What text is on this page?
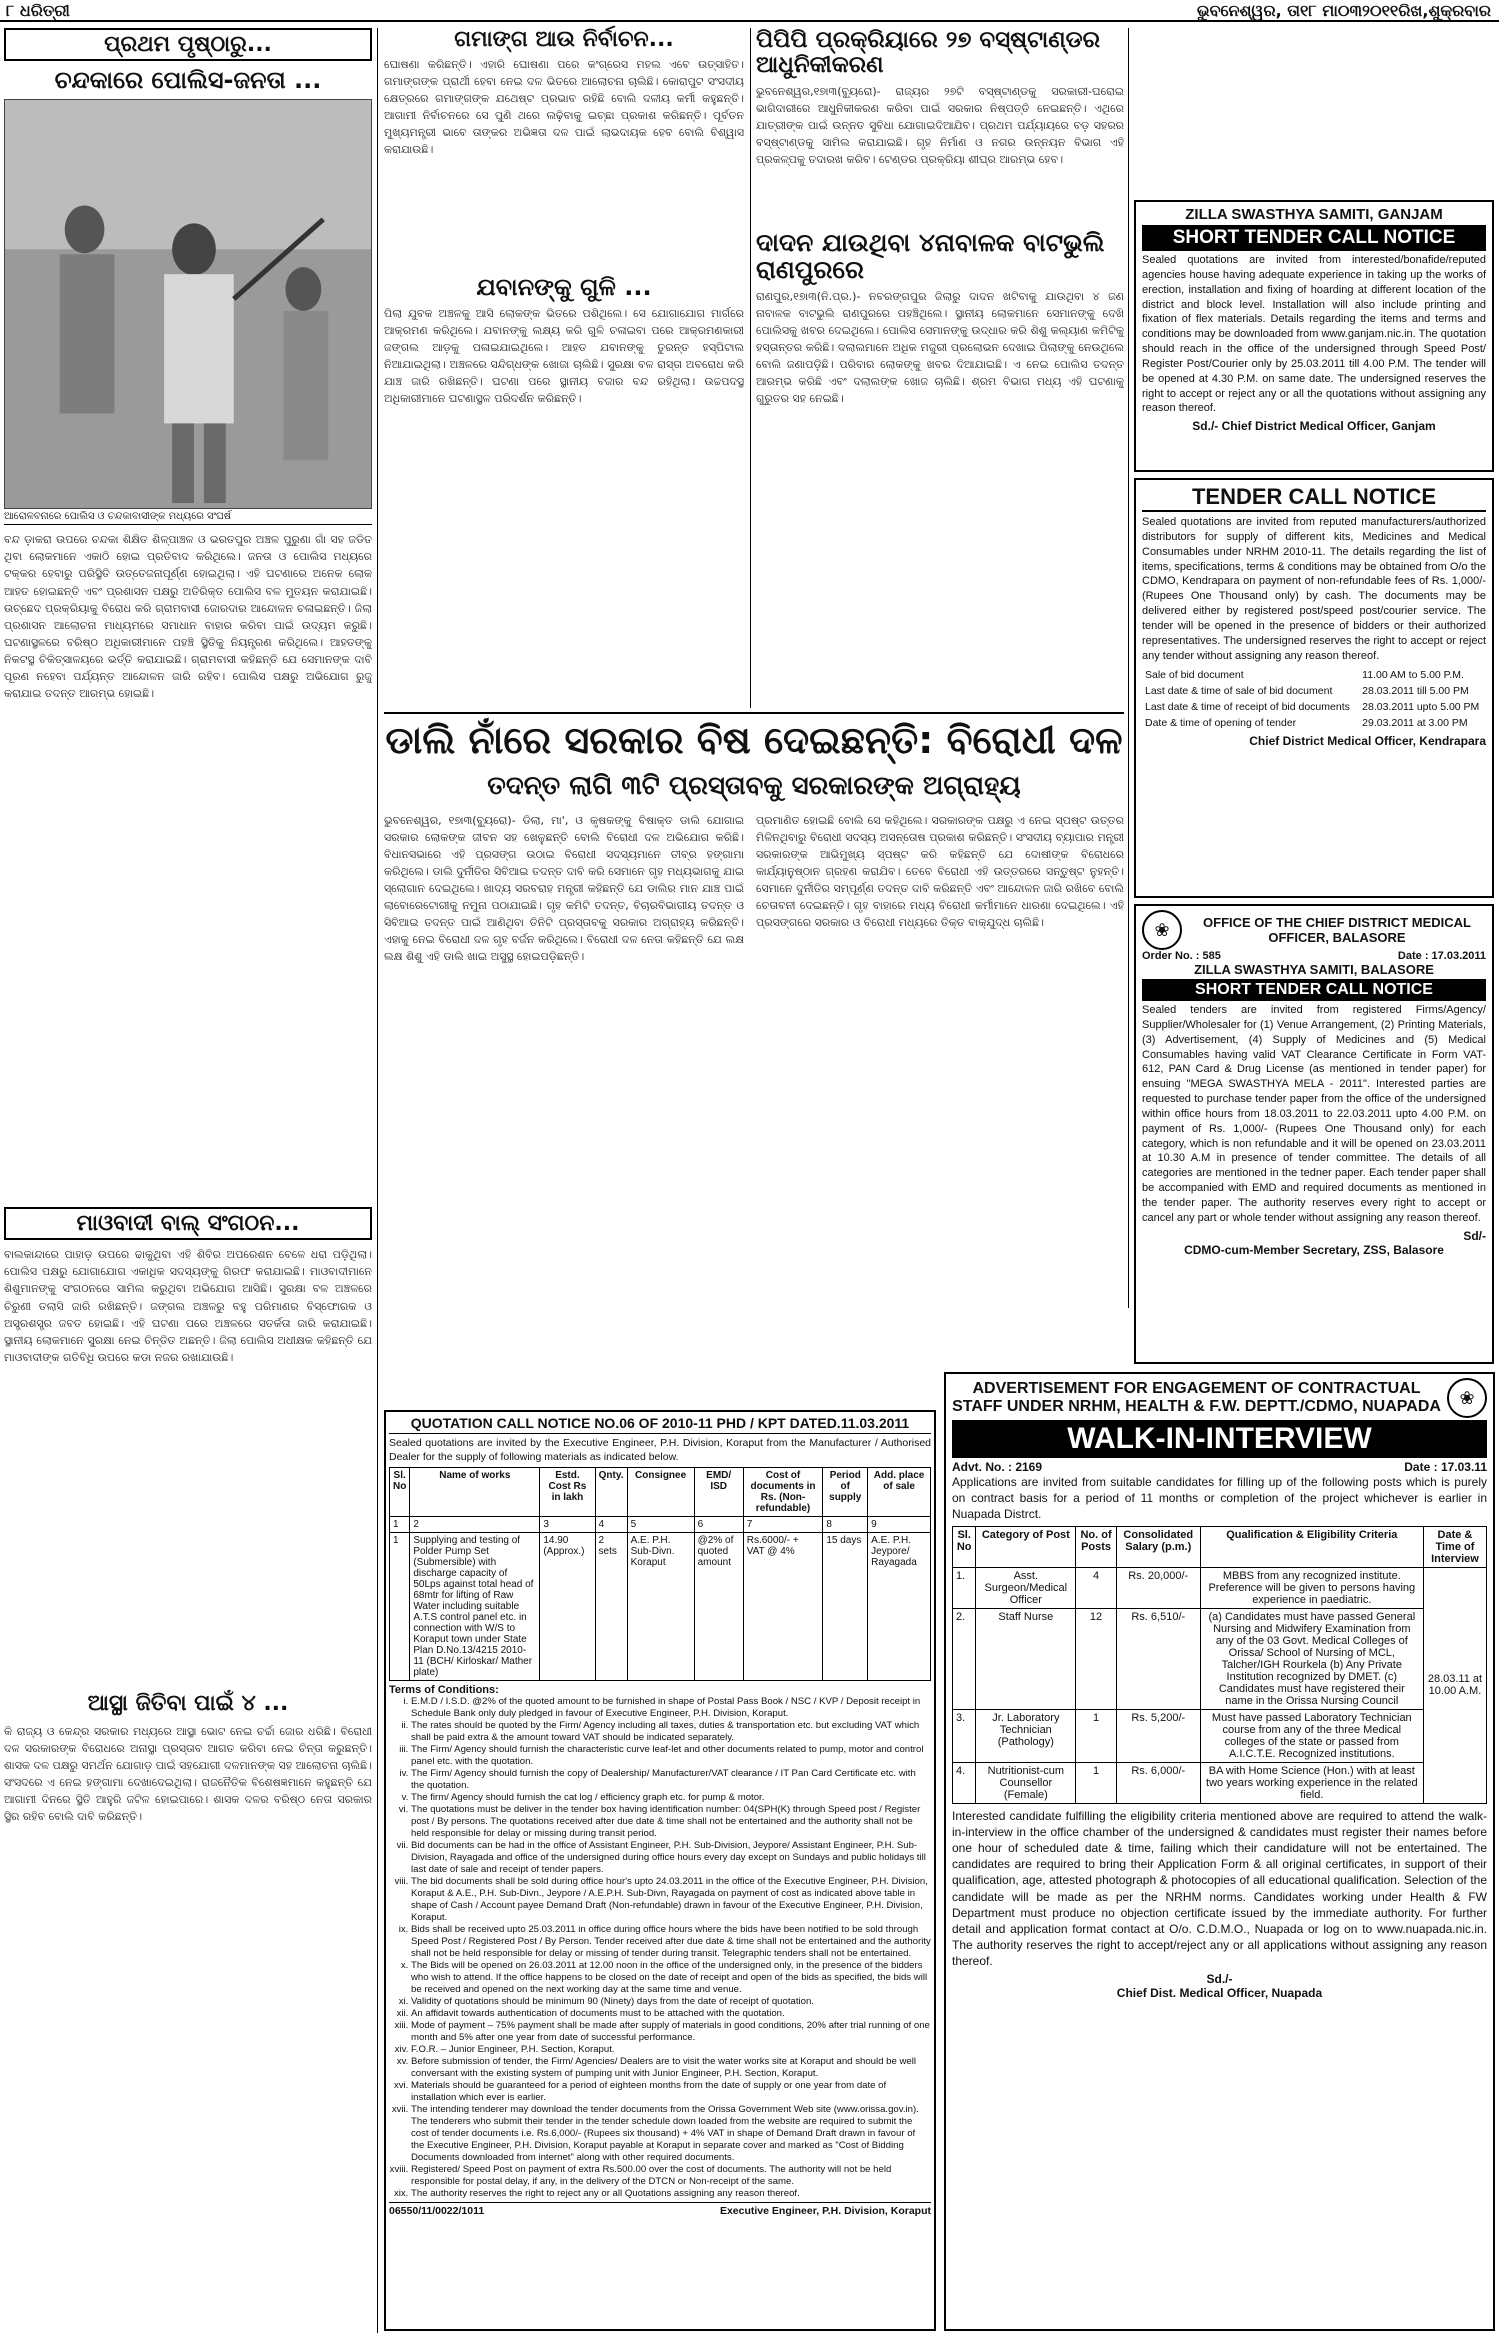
୮ ଧରିତ୍ରୀ	ଭୁବନେଶ୍ୱର, ତା୧୮ ମା୦୩୨୦୧୧ରିଖ,ଶୁକ୍ରବାର
ପ୍ରଥମ ପୃଷ୍ଠାରୁ...
ଚନ୍ଦକାରେ ପୋଲିସ-ଜନତା ...
ଆରୋଳବନାରେ ପୋଲିସ ଓ ଚନ୍ଦକାବାସୀଙ୍କ ମଧ୍ୟରେ ସଂଘର୍ଷ
ବନ୍ଦ ଡ଼ାକରା ଉପରେ ଚନ୍ଦକା ଶିକ୍ଷିତ ଶିଳ୍ପାଞ୍ଚଳ ଓ ଭରତପୁର ଅଞ୍ଚଳ ପୁରୁଣା ଗାଁ ସହ ଜଡିତ ଥିବା ଲୋକମାନେ ଏକାଠି ହୋଇ ପ୍ରତିବାଦ କରିଥିଲେ। ଜନତା ଓ ପୋଲିସ ମଧ୍ୟରେ ଟକ୍କର ହେବାରୁ ପରିସ୍ଥିତି ଉତ୍ତେଜନାପୂର୍ଣ୍ଣ ହୋଇଥିଲା। ଏହି ଘଟଣାରେ ଅନେକ ଲୋକ ଆହତ ହୋଇଛନ୍ତି ଏବଂ ପ୍ରଶାସନ ପକ୍ଷରୁ ଅତିରିକ୍ତ ପୋଲିସ ବଳ ମୁତୟନ କରାଯାଇଛି। ଉଚ୍ଛେଦ ପ୍ରକ୍ରିୟାକୁ ବିରୋଧ କରି ଗ୍ରାମବାସୀ ଜୋରଦାର ଆନ୍ଦୋଳନ ଚଳାଇଛନ୍ତି। ଜିଲା ପ୍ରଶାସନ ଆଲୋଚନା ମାଧ୍ୟମରେ ସମାଧାନ ବାହାର କରିବା ପାଇଁ ଉଦ୍ୟମ କରୁଛି। ଘଟଣାସ୍ଥଳରେ ବରିଷ୍ଠ ଅଧିକାରୀମାନେ ପହଞ୍ଚି ସ୍ଥିତିକୁ ନିୟନ୍ତ୍ରଣ କରିଥିଲେ। ଆହତଙ୍କୁ ନିକଟସ୍ଥ ଚିକିତ୍ସାଳୟରେ ଭର୍ତ୍ତି କରାଯାଇଛି। ଗ୍ରାମବାସୀ କହିଛନ୍ତି ଯେ ସେମାନଙ୍କ ଦାବି ପୂରଣ ନହେବା ପର୍ଯ୍ୟନ୍ତ ଆନ୍ଦୋଳନ ଜାରି ରହିବ। ପୋଲିସ ପକ୍ଷରୁ ଅଭିଯୋଗ ରୁଜୁ କରାଯାଇ ତଦନ୍ତ ଆରମ୍ଭ ହୋଇଛି।
ମାଓବାଦୀ ବାଲ୍ ସଂଗଠନ...
ବାଲକାନ୍ଦାରେ ପାହାଡ଼ ଉପରେ ଢାକୁଥିବା ଏହି ଶିବିର ଅପରେଶନ ବେଳେ ଧରା ପଡ଼ିଥିଲା। ପୋଲିସ ପକ୍ଷରୁ ଯୋଗାଯୋଗ ଏକାଧିକ ସଦସ୍ୟଙ୍କୁ ଗିରଫ କରାଯାଇଛି। ମାଓବାଦୀମାନେ ଶିଶୁମାନଙ୍କୁ ସଂଗଠନରେ ସାମିଲ କରୁଥିବା ଅଭିଯୋଗ ଆସିଛି। ସୁରକ୍ଷା ବଳ ଅଞ୍ଚଳରେ ଚିରୁଣୀ ତଲାସି ଜାରି ରଖିଛନ୍ତି। ଜଙ୍ଗଲ ଅଞ୍ଚଳରୁ ବହୁ ପରିମାଣର ବିସ୍ଫୋରକ ଓ ଅସ୍ତ୍ରଶସ୍ତ୍ର ଜବତ ହୋଇଛି। ଏହି ଘଟଣା ପରେ ଅଞ୍ଚଳରେ ସତର୍କତା ଜାରି କରାଯାଇଛି। ସ୍ଥାନୀୟ ଲୋକମାନେ ସୁରକ୍ଷା ନେଇ ଚିନ୍ତିତ ଅଛନ୍ତି। ଜିଲା ପୋଲିସ ଅଧୀକ୍ଷକ କହିଛନ୍ତି ଯେ ମାଓବାଦୀଙ୍କ ଗତିବିଧି ଉପରେ କଡା ନଜର ରଖାଯାଉଛି।
ଆସ୍ଥା ଜିତିବା ପାଇଁ ୪ ...
କି ରାଜ୍ୟ ଓ କେନ୍ଦ୍ର ସରକାର ମଧ୍ୟରେ ଆସ୍ଥା ଭୋଟ ନେଇ ଚର୍ଚ୍ଚା ଜୋର ଧରିଛି। ବିରୋଧୀ ଦଳ ସରକାରଙ୍କ ବିରୋଧରେ ଅନାସ୍ଥା ପ୍ରସ୍ତାବ ଆଗତ କରିବା ନେଇ ଚିନ୍ତା କରୁଛନ୍ତି। ଶାସକ ଦଳ ପକ୍ଷରୁ ସମର୍ଥନ ଯୋଗାଡ଼ ପାଇଁ ସହଯୋଗୀ ଦଳମାନଙ୍କ ସହ ଆଲୋଚନା ଚାଲିଛି। ସଂସଦରେ ଏ ନେଇ ହଙ୍ଗାମା ଦେଖାଦେଇଥିଲା। ରାଜନୈତିକ ବିଶେଷଜ୍ଞମାନେ କହୁଛନ୍ତି ଯେ ଆଗାମୀ ଦିନରେ ସ୍ଥିତି ଆହୁରି ଜଟିଳ ହୋଇପାରେ। ଶାସକ ଦଳର ବରିଷ୍ଠ ନେତା ସରକାର ସ୍ଥିର ରହିବ ବୋଲି ଦାବି କରିଛନ୍ତି।
ଗମାଙ୍ଗ ଆଉ ନିର୍ବାଚନ...
ଘୋଷଣା କରିଛନ୍ତି। ଏହାରି ଘୋଷଣା ପରେ କଂଗ୍ରେସ ମହଲ ଏବେ ଉତ୍ସାହିତ। ଗମାଙ୍ଗଙ୍କ ପ୍ରାର୍ଥୀ ହେବା ନେଇ ଦଳ ଭିତରେ ଆଲୋଚନା ଚାଲିଛି। କୋରାପୁଟ ସଂସଦୀୟ କ୍ଷେତ୍ରରେ ଗମାଙ୍ଗଙ୍କ ଯଥେଷ୍ଟ ପ୍ରଭାବ ରହିଛି ବୋଲି ଦଳୀୟ କର୍ମୀ କହୁଛନ୍ତି। ଆଗାମୀ ନିର୍ବାଚନରେ ସେ ପୁଣି ଥରେ ଲଢ଼ିବାକୁ ଇଚ୍ଛା ପ୍ରକାଶ କରିଛନ୍ତି। ପୂର୍ବତନ ମୁଖ୍ୟମନ୍ତ୍ରୀ ଭାବେ ତାଙ୍କର ଅଭିଜ୍ଞତା ଦଳ ପାଇଁ ଲାଭଦାୟକ ହେବ ବୋଲି ବିଶ୍ୱାସ କରାଯାଉଛି।
ଯବାନଙ୍କୁ ଗୁଳି ...
ପିଲା ଯୁବକ ଅଞ୍ଚଳକୁ ଆସି ଲୋକଙ୍କ ଭିତରେ ପଶିଥିଲେ। ସେ ଯୋଗାଯୋଗ ମାର୍ଗରେ ଆକ୍ରମଣ କରିଥିଲେ। ଯବାନଙ୍କୁ ଲକ୍ଷ୍ୟ କରି ଗୁଳି ଚଳାଇବା ପରେ ଆକ୍ରମଣକାରୀ ଜଙ୍ଗଲ ଆଡ଼କୁ ପଳାଇଯାଇଥିଲେ। ଆହତ ଯବାନଙ୍କୁ ତୁରନ୍ତ ହସ୍ପିଟାଲ ନିଆଯାଇଥିଲା। ଅଞ୍ଚଳରେ ସନ୍ଦିଗ୍ଧଙ୍କ ଖୋଜା ଚାଲିଛି। ସୁରକ୍ଷା ବଳ ରାସ୍ତା ଅବରୋଧ କରି ଯାଞ୍ଚ ଜାରି ରଖିଛନ୍ତି। ଘଟଣା ପରେ ସ୍ଥାନୀୟ ବଜାର ବନ୍ଦ ରହିଥିଲା। ଉଚ୍ଚପଦସ୍ଥ ଅଧିକାରୀମାନେ ଘଟଣାସ୍ଥଳ ପରିଦର୍ଶନ କରିଛନ୍ତି।
ପିପିପି ପ୍ରକ୍ରିୟାରେ ୨୭ ବସ୍ଷ୍ଟାଣ୍ଡର ଆଧୁନିକୀକରଣ
ଭୁବନେଶ୍ୱର,୧୭ା୩(ବ୍ୟୁରୋ)- ରାଜ୍ୟର ୨୭ଟି ବସ୍ଷ୍ଟାଣ୍ଡକୁ ସରକାରୀ-ଘରୋଇ ଭାଗିଦାରୀରେ ଆଧୁନିକୀକରଣ କରିବା ପାଇଁ ସରକାର ନିଷ୍ପତ୍ତି ନେଇଛନ୍ତି। ଏଥିରେ ଯାତ୍ରୀଙ୍କ ପାଇଁ ଉନ୍ନତ ସୁବିଧା ଯୋଗାଇଦିଆଯିବ। ପ୍ରଥମ ପର୍ଯ୍ୟାୟରେ ବଡ଼ ସହରର ବସ୍ଷ୍ଟାଣ୍ଡକୁ ସାମିଲ କରାଯାଇଛି। ଗୃହ ନିର୍ମାଣ ଓ ନଗର ଉନ୍ନୟନ ବିଭାଗ ଏହି ପ୍ରକଳ୍ପକୁ ତଦାରଖ କରିବ। ଟେଣ୍ଡର ପ୍ରକ୍ରିୟା ଶୀଘ୍ର ଆରମ୍ଭ ହେବ।
ଦାଦନ ଯାଉଥିବା ୪ନାବାଳକ ବାଟଭୁଲି ରାଣପୁରରେ
ରାଣପୁର,୧୭ା୩(ନି.ପ୍ର.)- ନବରଙ୍ଗପୁର ଜିଲାରୁ ଦାଦନ ଖଟିବାକୁ ଯାଉଥିବା ୪ ଜଣ ନାବାଳକ ବାଟଭୁଲି ରାଣପୁରରେ ପହଞ୍ଚିଥିଲେ। ସ୍ଥାନୀୟ ଲୋକମାନେ ସେମାନଙ୍କୁ ଦେଖି ପୋଲିସକୁ ଖବର ଦେଇଥିଲେ। ପୋଲିସ ସେମାନଙ୍କୁ ଉଦ୍ଧାର କରି ଶିଶୁ କଲ୍ୟାଣ କମିଟିକୁ ହସ୍ତାନ୍ତର କରିଛି। ଦଲାଲମାନେ ଅଧିକ ମଜୁରୀ ପ୍ରଲୋଭନ ଦେଖାଇ ପିଲାଙ୍କୁ ନେଉଥିଲେ ବୋଲି ଜଣାପଡ଼ିଛି। ପରିବାର ଲୋକଙ୍କୁ ଖବର ଦିଆଯାଇଛି। ଏ ନେଇ ପୋଲିସ ତଦନ୍ତ ଆରମ୍ଭ କରିଛି ଏବଂ ଦଲାଲଙ୍କ ଖୋଜ ଚାଲିଛି। ଶ୍ରମ ବିଭାଗ ମଧ୍ୟ ଏହି ଘଟଣାକୁ ଗୁରୁତର ସହ ନେଇଛି।
ଡାଲି ନାଁରେ ସରକାର ବିଷ ଦେଇଛନ୍ତି: ବିରୋଧୀ ଦଳ
ତଦନ୍ତ ଲାଗି ୩ଟି ପ୍ରସ୍ତାବକୁ ସରକାରଙ୍କ ଅଗ୍ରାହ୍ୟ
ଭୁବନେଶ୍ୱର, ୧୭ା୩(ବ୍ୟୁରୋ)- ଡିଲା, ମା', ଓ କୃଷକଙ୍କୁ ବିଷାକ୍ତ ଡାଲି ଯୋଗାଇ ସରକାର ଲୋକଙ୍କ ଜୀବନ ସହ ଖେଳୁଛନ୍ତି ବୋଲି ବିରୋଧୀ ଦଳ ଅଭିଯୋଗ କରିଛି। ବିଧାନସଭାରେ ଏହି ପ୍ରସଙ୍ଗ ଉଠାଇ ବିରୋଧୀ ସଦସ୍ୟମାନେ ତୀବ୍ର ହଙ୍ଗାମା କରିଥିଲେ। ଡାଲି ଦୁର୍ନୀତିର ସିବିଆଇ ତଦନ୍ତ ଦାବି କରି ସେମାନେ ଗୃହ ମଧ୍ୟଭାଗକୁ ଯାଇ ସ୍ଲୋଗାନ ଦେଇଥିଲେ। ଖାଦ୍ୟ ସରବରାହ ମନ୍ତ୍ରୀ କହିଛନ୍ତି ଯେ ଡାଲିର ମାନ ଯାଞ୍ଚ ପାଇଁ ଲାବୋରେଟୋରୀକୁ ନମୁନା ପଠାଯାଇଛି। ଗୃହ କମିଟି ତଦନ୍ତ, ବିଚାରବିଭାଗୀୟ ତଦନ୍ତ ଓ ସିବିଆଇ ତଦନ୍ତ ପାଇଁ ଆଣିଥିବା ତିନିଟି ପ୍ରସ୍ତାବକୁ ସରକାର ଅଗ୍ରାହ୍ୟ କରିଛନ୍ତି। ଏହାକୁ ନେଇ ବିରୋଧୀ ଦଳ ଗୃହ ବର୍ଜନ କରିଥିଲେ। ବିରୋଧୀ ଦଳ ନେତା କହିଛନ୍ତି ଯେ ଲକ୍ଷ ଲକ୍ଷ ଶିଶୁ ଏହି ଡାଲି ଖାଇ ଅସୁସ୍ଥ ହୋଇପଡ଼ିଛନ୍ତି।
ପ୍ରମାଣିତ ହୋଇଛି ବୋଲି ସେ କହିଥିଲେ। ସରକାରଙ୍କ ପକ୍ଷରୁ ଏ ନେଇ ସ୍ପଷ୍ଟ ଉତ୍ତର ମିଳିନଥିବାରୁ ବିରୋଧୀ ସଦସ୍ୟ ଅସନ୍ତୋଷ ପ୍ରକାଶ କରିଛନ୍ତି। ସଂସଦୀୟ ବ୍ୟାପାର ମନ୍ତ୍ରୀ ସରକାରଙ୍କ ଆଭିମୁଖ୍ୟ ସ୍ପଷ୍ଟ କରି କହିଛନ୍ତି ଯେ ଦୋଷୀଙ୍କ ବିରୋଧରେ କାର୍ଯ୍ୟାନୁଷ୍ଠାନ ଗ୍ରହଣ କରାଯିବ। ତେବେ ବିରୋଧୀ ଏହି ଉତ୍ତରରେ ସନ୍ତୁଷ୍ଟ ନୁହନ୍ତି। ସେମାନେ ଦୁର୍ନୀତିର ସମ୍ପୂର୍ଣ୍ଣ ତଦନ୍ତ ଦାବି କରିଛନ୍ତି ଏବଂ ଆନ୍ଦୋଳନ ଜାରି ରଖିବେ ବୋଲି ଚେତାବନୀ ଦେଇଛନ୍ତି। ଗୃହ ବାହାରେ ମଧ୍ୟ ବିରୋଧୀ କର୍ମୀମାନେ ଧାରଣା ଦେଇଥିଲେ। ଏହି ପ୍ରସଙ୍ଗରେ ସରକାର ଓ ବିରୋଧୀ ମଧ୍ୟରେ ତିକ୍ତ ବାକ୍‌ଯୁଦ୍ଧ ଚାଲିଛି।
QUOTATION CALL NOTICE NO.06 OF 2010-11 PHD / KPT DATED.11.03.2011

Sealed quotations are invited by the Executive Engineer, P.H. Division, Koraput from the Manufacturer / Authorised Dealer for the supply of following materials as indicated below.

Sl. No	Name of works	Estd. Cost Rs in lakh	Qnty.	Consignee	EMD/ ISD	Cost of documents in Rs. (Non-refundable)	Period of supply	Add. place of sale
1	2	3	4	5	6	7	8	9
1	Supplying and testing of Polder Pump Set (Submersible) with discharge capacity of 50Lps against total head of 68mtr for lifting of Raw Water including suitable A.T.S control panel etc. in connection with W/S to Koraput town under State Plan D.No.13/4215 2010-11 (BCH/ Kirloskar/ Mather plate)	14.90 (Approx.)	2 sets	A.E. P.H. Sub-Divn. Koraput	@2% of quoted amount	Rs.6000/- + VAT @ 4%	15 days	A.E. P.H. Jeypore/ Rayagada
Terms of Conditions:
i. E.M.D / I.S.D. @2% of the quoted amount to be furnished in shape of Postal Pass Book / NSC / KVP / Deposit receipt in Schedule Bank only duly pledged in favour of Executive Engineer, P.H. Division, Koraput.
ii. The rates should be quoted by the Firm/ Agency including all taxes, duties & transportation etc. but excluding VAT which shall be paid extra & the amount toward VAT should be indicated separately.
iii. The Firm/ Agency should furnish the characteristic curve leaf-let and other documents related to pump, motor and control panel etc. with the quotation.
iv. The Firm/ Agency should furnish the copy of Dealership/ Manufacturer/VAT clearance / IT Pan Card Certificate etc. with the quotation.
v. The firm/ Agency should furnish the cat log / efficiency graph etc. for pump & motor.
vi. The quotations must be deliver in the tender box having identification number: 04(SPH(K) through Speed post / Register post / By persons. The quotations received after due date & time shall not be entertained and the authority shall not be held responsible for delay or missing during transit period.
vii. Bid documents can be had in the office of Assistant Engineer, P.H. Sub-Division, Jeypore/ Assistant Engineer, P.H. Sub-Division, Rayagada and office of the undersigned during office hours every day except on Sundays and public holidays till last date of sale and receipt of tender papers.
viii. The bid documents shall be sold during office hour's upto 24.03.2011 in the office of the Executive Engineer, P.H. Division, Koraput & A.E., P.H. Sub-Divn., Jeypore / A.E.P.H. Sub-Divn, Rayagada on payment of cost as indicated above table in shape of Cash / Account payee Demand Draft (Non-refundable) drawn in favour of the Executive Engineer, P.H. Division, Koraput.
ix. Bids shall be received upto 25.03.2011 in office during office hours where the bids have been notified to be sold through Speed Post / Registered Post / By Person. Tender received after due date & time shall not be entertained and the authority shall not be held responsible for delay or missing of tender during transit. Telegraphic tenders shall not be entertained.
x. The Bids will be opened on 26.03.2011 at 12.00 noon in the office of the undersigned only, in the presence of the bidders who wish to attend. If the office happens to be closed on the date of receipt and open of the bids as specified, the bids will be received and opened on the next working day at the same time and venue.
xi. Validity of quotations should be minimum 90 (Ninety) days from the date of receipt of quotation.
xii. An affidavit towards authentication of documents must to be attached with the quotation.
xiii. Mode of payment – 75% payment shall be made after supply of materials in good conditions, 20% after trial running of one month and 5% after one year from date of successful performance.
xiv. F.O.R. – Junior Engineer, P.H. Section, Koraput.
xv. Before submission of tender, the Firm/ Agencies/ Dealers are to visit the water works site at Koraput and should be well conversant with the existing system of pumping unit with Junior Engineer, P.H. Section, Koraput.
xvi. Materials should be guaranteed for a period of eighteen months from the date of supply or one year from date of installation which ever is earlier.
xvii. The intending tenderer may download the tender documents from the Orissa Government Web site (www.orissa.gov.in). The tenderers who submit their tender in the tender schedule down loaded from the website are required to submit the cost of tender documents i.e. Rs.6,000/- (Rupees six thousand) + 4% VAT in shape of Demand Draft drawn in favour of the Executive Engineer, P.H. Division, Koraput payable at Koraput in separate cover and marked as "Cost of Bidding Documents downloaded from internet" along with other required documents.
xviii. Registered/ Speed Post on payment of extra Rs.500.00 over the cost of documents. The authority will not be held responsible for postal delay, if any, in the delivery of the DTCN or Non-receipt of the same.
xix. The authority reserves the right to reject any or all Quotations assigning any reason thereof.
06550/11/0022/1011	Executive Engineer, P.H. Division, Koraput
ZILLA SWASTHYA SAMITI, GANJAM
SHORT TENDER CALL NOTICE

Sealed quotations are invited from interested/bonafide/reputed agencies house having adequate experience in taking up the works of erection, installation and fixing of hoarding at different location of the district and block level. Installation will also include printing and fixation of flex materials. Details regarding the items and terms and conditions may be downloaded from www.ganjam.nic.in. The quotation should reach in the office of the undersigned through Speed Post/ Register Post/Courier only by 25.03.2011 till 4.00 P.M. The tender will be opened at 4.30 P.M. on same date. The undersigned reserves the right to accept or reject any or all the quotations without assigning any reason thereof.

Sd./- Chief District Medical Officer, Ganjam
TENDER CALL NOTICE

Sealed quotations are invited from reputed manufacturers/authorized distributors for supply of different kits, Medicines and Medical Consumables under NRHM 2010-11. The details regarding the list of items, specifications, terms & conditions may be obtained from O/o the CDMO, Kendrapara on payment of non-refundable fees of Rs. 1,000/- (Rupees One Thousand only) by cash. The documents may be delivered either by registered post/speed post/courier service. The tender will be opened in the presence of bidders or their authorized representatives. The undersigned reserves the right to accept or reject any tender without assigning any reason thereof.

Sale of bid document	11.00 AM to 5.00 P.M.
Last date & time of sale of bid document	28.03.2011 till 5.00 PM
Last date & time of receipt of bid documents	28.03.2011 upto 5.00 PM
Date & time of opening of tender	29.03.2011 at 3.00 PM
Chief District Medical Officer, Kendrapara
❀	OFFICE OF THE CHIEF DISTRICT MEDICAL OFFICER, BALASORE
Order No. : 585	Date : 17.03.2011
ZILLA SWASTHYA SAMITI, BALASORE
SHORT TENDER CALL NOTICE

Sealed tenders are invited from registered Firms/Agency/ Supplier/Wholesaler for (1) Venue Arrangement, (2) Printing Materials, (3) Advertisement, (4) Supply of Medicines and (5) Medical Consumables having valid VAT Clearance Certificate in Form VAT-612, PAN Card & Drug License (as mentioned in tender paper) for ensuing "MEGA SWASTHYA MELA - 2011". Interested parties are requested to purchase tender paper from the office of the undersigned within office hours from 18.03.2011 to 22.03.2011 upto 4.00 P.M. on payment of Rs. 1,000/- (Rupees One Thousand only) for each category, which is non refundable and it will be opened on 23.03.2011 at 10.30 A.M in presence of tender committee. The details of all categories are mentioned in the tedner paper. Each tender paper shall be accompanied with EMD and required documents as mentioned in the tender paper. The authority reserves every right to accept or cancel any part or whole tender without assigning any reason thereof.

Sd/-
CDMO-cum-Member Secretary, ZSS, Balasore
ADVERTISEMENT FOR ENGAGEMENT OF CONTRACTUAL STAFF UNDER NRHM, HEALTH & F.W. DEPTT./CDMO, NUAPADA	❀
WALK-IN-INTERVIEW
Advt. No. : 2169	Date : 17.03.11

Applications are invited from suitable candidates for filling up of the following posts which is purely on contract basis for a period of 11 months or completion of the project whichever is earlier in Nuapada Distrct.

Sl. No	Category of Post	No. of Posts	Consolidated Salary (p.m.)	Qualification & Eligibility Criteria	Date & Time of Interview
1.	Asst. Surgeon/Medical Officer	4	Rs. 20,000/-	MBBS from any recognized institute. Preference will be given to persons having experience in paediatric.	28.03.11 at 10.00 A.M.
2.	Staff Nurse	12	Rs. 6,510/-	(a) Candidates must have passed General Nursing and Midwifery Examination from any of the 03 Govt. Medical Colleges of Orissa/ School of Nursing of MCL, Talcher/IGH Rourkela (b) Any Private Institution recognized by DMET. (c) Candidates must have registered their name in the Orissa Nursing Council	
3.	Jr. Laboratory Technician (Pathology)	1	Rs. 5,200/-	Must have passed Laboratory Technician course from any of the three Medical colleges of the state or passed from A.I.C.T.E. Recognized institutions.	
4.	Nutritionist-cum Counsellor (Female)	1	Rs. 6,000/-	BA with Home Science (Hon.) with at least two years working experience in the related field.	

Interested candidate fulfilling the eligibility criteria mentioned above are required to attend the walk-in-interview in the office chamber of the undersigned & candidates must register their names before one hour of scheduled date & time, failing which their candidature will not be entertained. The candidates are required to bring their Application Form & all original certificates, in support of their qualification, age, attested photograph & photocopies of all educational qualification. Selection of the candidate will be made as per the NRHM norms. Candidates working under Health & FW Department must produce no objection certificate issued by the immediate authority. For further detail and application format contact at O/o. C.D.M.O., Nuapada or log on to www.nuapada.nic.in. The authority reserves the right to accept/reject any or all applications without assigning any reason thereof.

Sd./-
Chief Dist. Medical Officer, Nuapada
